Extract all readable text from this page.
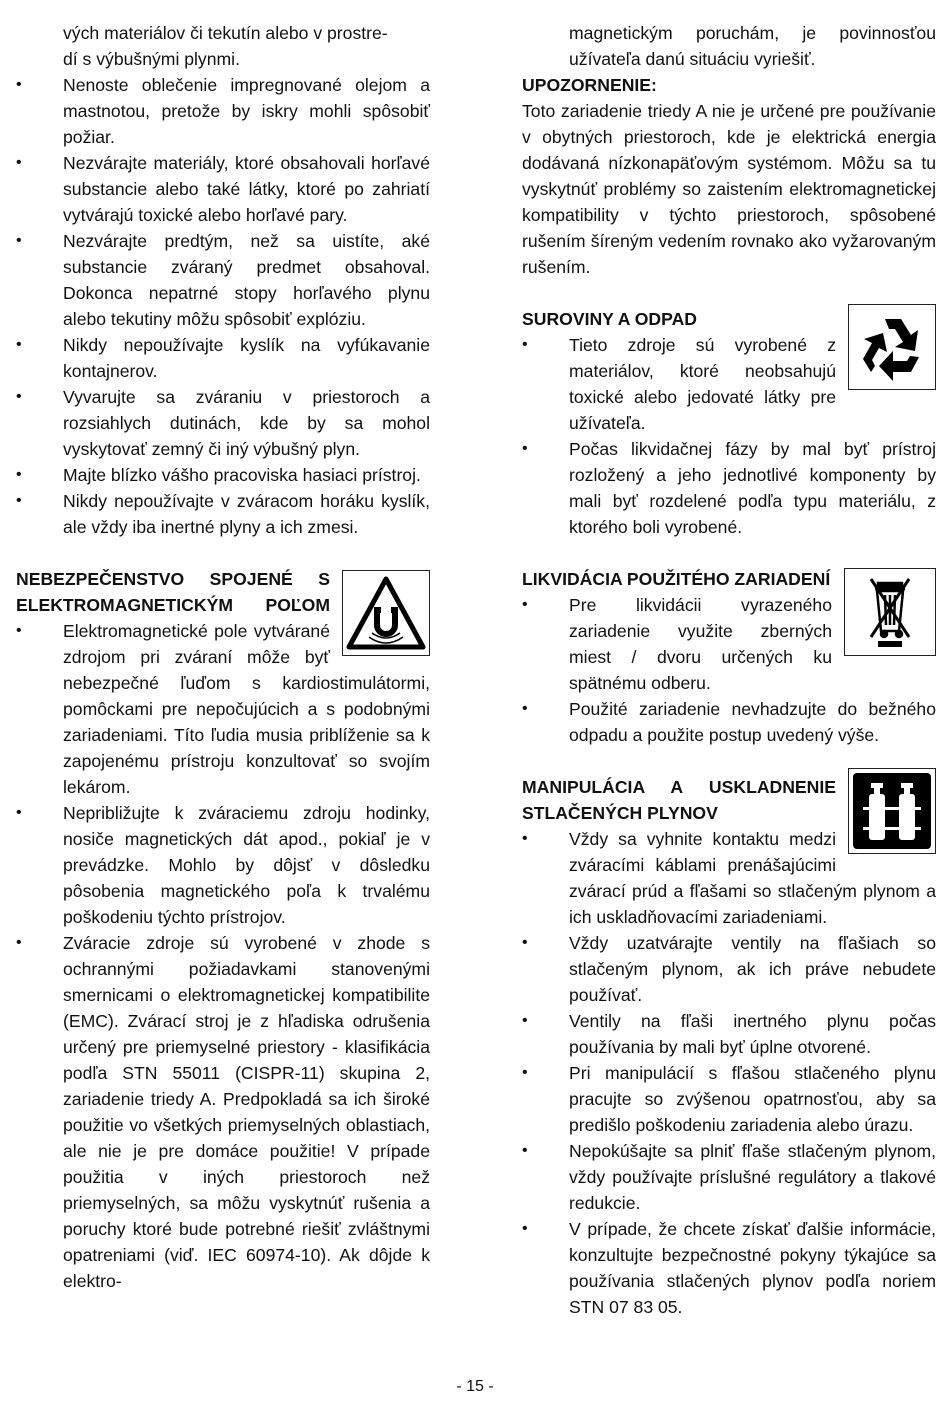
vých materiálov či tekutín alebo v prostre-

dí s výbušnými plynmi.

• Nenoste oblečenie impregnované olejom a mastnotou, pretože by iskry mohli spôsobiť požiar.
• Nezvárajte materiály, ktoré obsahovali horľavé substancie alebo také látky, ktoré po zahriatí vytvárajú toxické alebo horľavé pary.
• Nezvárajte predtým, než sa uistíte, aké substancie zváraný predmet obsahoval. Dokonca nepatrné stopy horľavého plynu alebo tekutiny môžu spôsobiť explóziu.
• Nikdy nepoužívajte kyslík na vyfúkavanie kontajnerov.
• Vyvarujte sa zváraniu v priestoroch a rozsiahlych dutinách, kde by sa mohol vyskytovať zemný či iný výbušný plyn.
• Majte blízko vášho pracoviska hasiaci prístroj.
• Nikdy nepoužívajte v zváracom horáku kyslík, ale vždy iba inertné plyny a ich zmesi.

NEBEZPEČENSTVO SPOJENÉ S ELEKTROMAGNETICKÝM POĽOM

• Elektromagnetické pole vytvárané zdrojom pri zváraní môže byť nebezpečné ľuďom s kardiostimulátormi, pomôckami pre nepočujúcich a s podobnými zariadeniami. Títo ľudia musia priblíženie sa k zapojenému prístroju konzultovať so svojím lekárom.
• Nepribližujte k zváraciemu zdroju hodinky, nosiče magnetických dát apod., pokiaľ je v prevádzke. Mohlo by dôjsť v dôsledku pôsobenia magnetického poľa k trvalému poškodeniu týchto prístrojov.
• Zváracie zdroje sú vyrobené v zhode s ochrannými požiadavkami stanovenými smernicami o elektromagnetickej kompatibilite (EMC). Zvárací stroj je z hľadiska odrušenia určený pre priemyselné priestory - klasifikácia podľa STN 55011 (CISPR-11) skupina 2, zariadenie triedy A. Predpokladá sa ich široké použitie vo všetkých priemyselných oblastiach, ale nie je pre domáce použitie! V prípade použitia v iných priestoroch než priemyselných, sa môžu vyskytnúť rušenia a poruchy ktoré bude potrebné riešiť zvláštnymi opatreniami (viď. IEC 60974-10). Ak dôjde k elektro-

magnetickým poruchám, je povinnosťou užívateľa danú situáciu vyriešiť.

UPOZORNENIE:

Toto zariadenie triedy A nie je určené pre používanie v obytných priestoroch, kde je elektrická energia dodávaná nízkonapäťovým systémom. Môžu sa tu vyskytnúť problémy so zaistením elektromagnetickej kompatibility v týchto priestoroch, spôsobené rušením šíreným vedením rovnako ako vyžarovaným rušením.

SUROVINY A ODPAD

• Tieto zdroje sú vyrobené z materiálov, ktoré neobsahujú toxické alebo jedovaté látky pre užívateľa.
• Počas likvidačnej fázy by mal byť prístroj rozložený a jeho jednotlivé komponenty by mali byť rozdelené podľa typu materiálu, z ktorého boli vyrobené.

LIKVIDÁCIA POUŽITÉHO ZARIADENÍ

• Pre likvidácii vyrazeného zariadenie využite zberných miest / dvoru určených ku spätnému odberu.
• Použité zariadenie nevhadzujte do bežného odpadu a použite postup uvedený výše.

MANIPULÁCIA A USKLADNENIE STLAČENÝCH PLYNOV

• Vždy sa vyhnite kontaktu medzi zváracími káblami prenášajúcimi zvárací prúd a fľašami so stlačeným plynom a ich uskladňovacími zariadeniami.
• Vždy uzatvárajte ventily na fľašiach so stlačeným plynom, ak ich práve nebudete používať.
• Ventily na fľaši inertného plynu počas používania by mali byť úplne otvorené.
• Pri manipulácií s fľašou stlačeného plynu pracujte so zvýšenou opatrnosťou, aby sa predišlo poškodeniu zariadenia alebo úrazu.
• Nepokúšajte sa plniť fľaše stlačeným plynom, vždy používajte príslušné regulátory a tlakové redukcie.
• V prípade, že chcete získať ďalšie informácie, konzultujte bezpečnostné pokyny týkajúce sa používania stlačených plynov podľa noriem STN 07 83 05.
- 15 -
